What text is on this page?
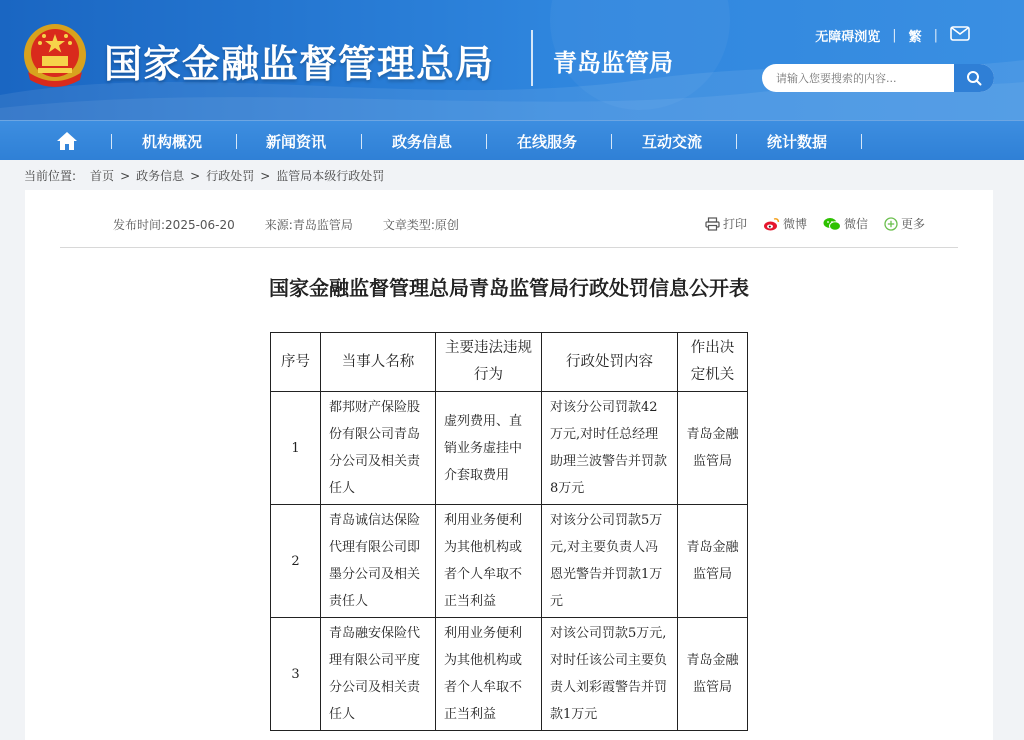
国家金融监督管理总局 青岛监管局
无障碍浏览 | 繁 |
请输入您要搜索的内容...
机构概况	新闻资讯	政务信息	在线服务	互动交流	统计数据
当前位置: 首页 > 政务信息 > 行政处罚 > 监管局本级行政处罚
发布时间:2025-06-20	来源:青岛监管局	文章类型:原创	打印	微博	微信	更多
国家金融监督管理总局青岛监管局行政处罚信息公开表
序号	当事人名称	主要违法违规行为	行政处罚内容	作出决定机关
1	都邦财产保险股份有限公司青岛分公司及相关责任人	虚列费用、直销业务虚挂中介套取费用	对该分公司罚款42万元,对时任总经理助理兰波警告并罚款8万元	青岛金融监管局
2	青岛诚信达保险代理有限公司即墨分公司及相关责任人	利用业务便利为其他机构或者个人牟取不正当利益	对该分公司罚款5万元,对主要负责人冯恩光警告并罚款1万元	青岛金融监管局
3	青岛融安保险代理有限公司平度分公司及相关责任人	利用业务便利为其他机构或者个人牟取不正当利益	对该公司罚款5万元,对时任该公司主要负责人刘彩霞警告并罚款1万元	青岛金融监管局
